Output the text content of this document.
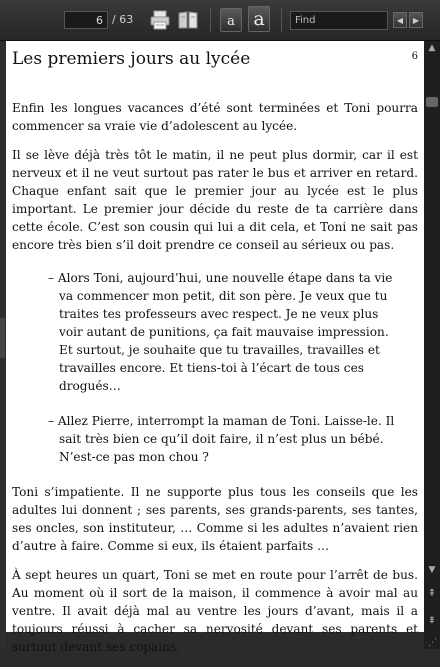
6
/ 63	a a
Find	◀ ▶
Les premiers jours au lycée	6

Enfin les longues vacances d’été sont terminées et Toni pourra commencer sa vraie vie d’adolescent au lycée.

Il se lève déjà très tôt le matin, il ne peut plus dormir, car il est nerveux et il ne veut surtout pas rater le bus et arriver en retard. Chaque enfant sait que le premier jour au lycée est le plus important. Le premier jour décide du reste de ta carrière dans cette école. C’est son cousin qui lui a dit cela, et Toni ne sait pas encore très bien s’il doit prendre ce conseil au sérieux ou pas.

– Alors Toni, aujourd’hui, une nouvelle étape dans ta vie va commencer mon petit, dit son père. Je veux que tu traites tes professeurs avec respect. Je ne veux plus voir autant de punitions, ça fait mauvaise impression. Et surtout, je souhaite que tu travailles, travailles et travailles encore. Et tiens-toi à l’écart de tous ces drogués…

– Allez Pierre, interrompt la maman de Toni. Laisse-le. Il sait très bien ce qu’il doit faire, il n’est plus un bébé. N’est-ce pas mon chou ?

Toni s’impatiente. Il ne supporte plus tous les conseils que les adultes lui donnent ; ses parents, ses grands-parents, ses tantes, ses oncles, son instituteur, … Comme si les adultes n’avaient rien d’autre à faire. Comme si eux, ils étaient parfaits …

À sept heures un quart, Toni se met en route pour l’arrêt de bus. Au moment où il sort de la maison, il commence à avoir mal au ventre. Il avait déjà mal au ventre les jours d’avant, mais il a toujours réussi à cacher sa nervosité devant ses parents et surtout devant ses copains.

▲
▼
⇞
⇟
⋰
